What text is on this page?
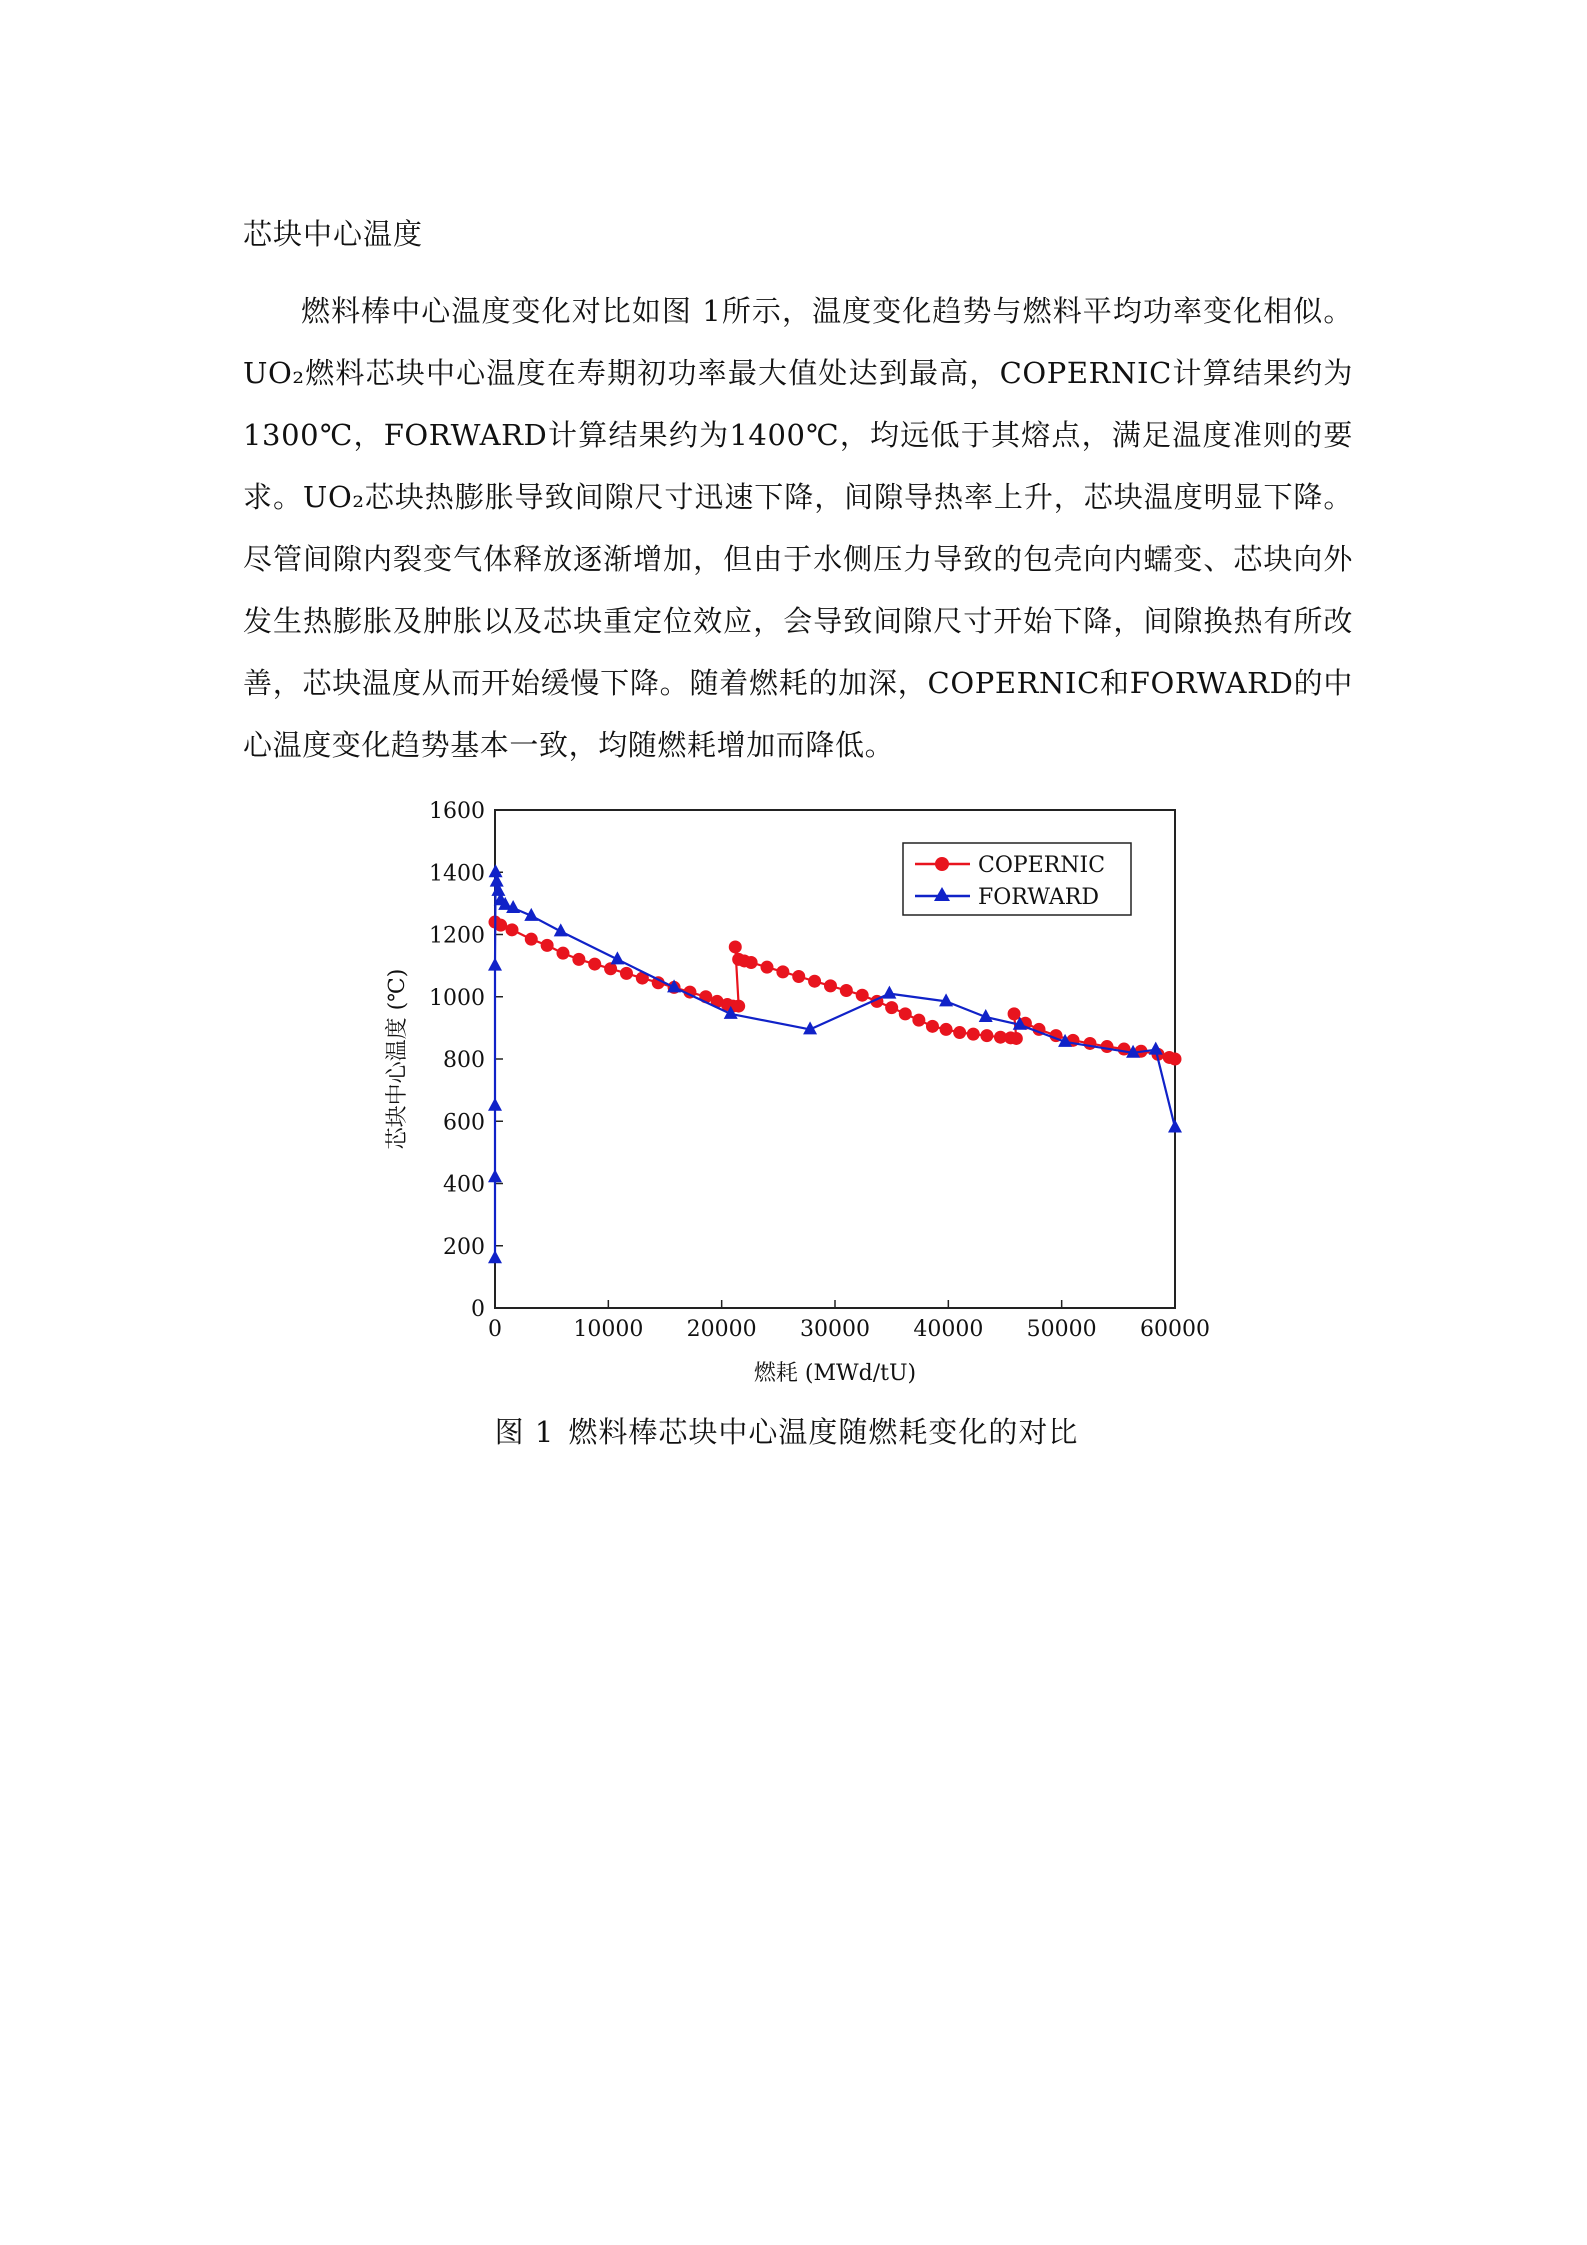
芯块中心温度

燃料棒中心温度变化对比如图 1所示，温度变化趋势与燃料平均功率变化相似。UO₂燃料芯块中心温度在寿期初功率最大值处达到最高，COPERNIC计算结果约为1300℃，FORWARD计算结果约为1400℃，均远低于其熔点，满足温度准则的要求。UO₂芯块热膨胀导致间隙尺寸迅速下降，间隙导热率上升，芯块温度明显下降。尽管间隙内裂变气体释放逐渐增加，但由于水侧压力导致的包壳向内蠕变、芯块向外发生热膨胀及肿胀以及芯块重定位效应，会导致间隙尺寸开始下降，间隙换热有所改善，芯块温度从而开始缓慢下降。随着燃耗的加深，COPERNIC和FORWARD的中心温度变化趋势基本一致，均随燃耗增加而降低。

0	10000 20000 30000 40000 50000 60000
0
200
400
600
800
1000
1200
1400
1600
燃耗 (MWd/tU)
芯块中心温度 (℃)
COPERNIC
FORWARD
图 1 燃料棒芯块中心温度随燃耗变化的对比
